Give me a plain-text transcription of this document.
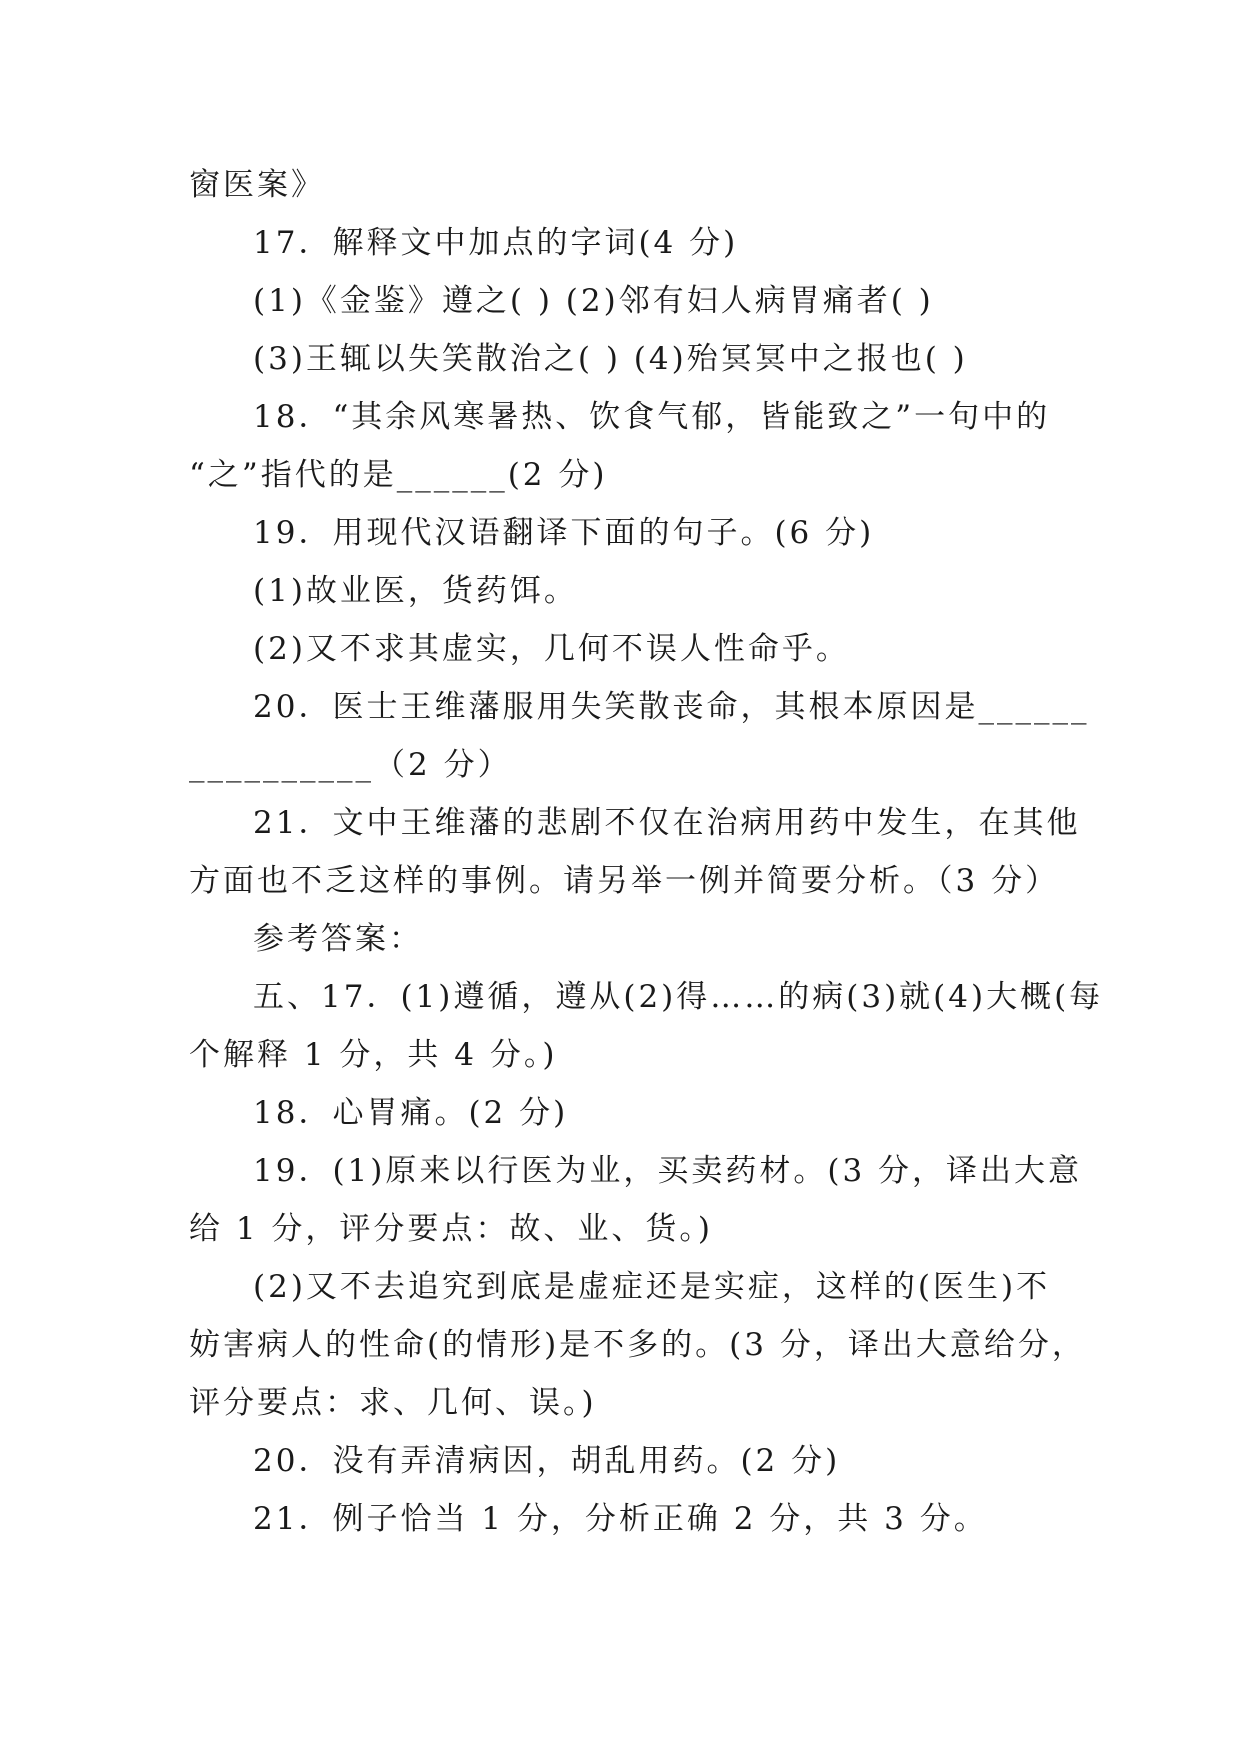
窗医案》
17．解释文中加点的字词(4 分)
(1)《金鉴》遵之( ) (2)邻有妇人病胃痛者( )
(3)王辄以失笑散治之( ) (4)殆冥冥中之报也( )
18．“其余风寒暑热、饮食气郁，皆能致之”一句中的
“之”指代的是______(2 分)
19．用现代汉语翻译下面的句子。(6 分)
(1)故业医，货药饵。
(2)又不求其虚实，几何不误人性命乎。
20．医士王维藩服用失笑散丧命，其根本原因是______
__________（2 分）
21．文中王维藩的悲剧不仅在治病用药中发生，在其他
方面也不乏这样的事例。请另举一例并简要分析。（3 分）
参考答案：
五、17．(1)遵循，遵从(2)得……的病(3)就(4)大概(每
个解释 1 分，共 4 分。)
18．心胃痛。(2 分)
19．(1)原来以行医为业，买卖药材。(3 分，译出大意
给 1 分，评分要点：故、业、货。)
(2)又不去追究到底是虚症还是实症，这样的(医生)不
妨害病人的性命(的情形)是不多的。(3 分，译出大意给分，
评分要点：求、几何、误。)
20．没有弄清病因，胡乱用药。(2 分)
21．例子恰当 1 分，分析正确 2 分，共 3 分。
